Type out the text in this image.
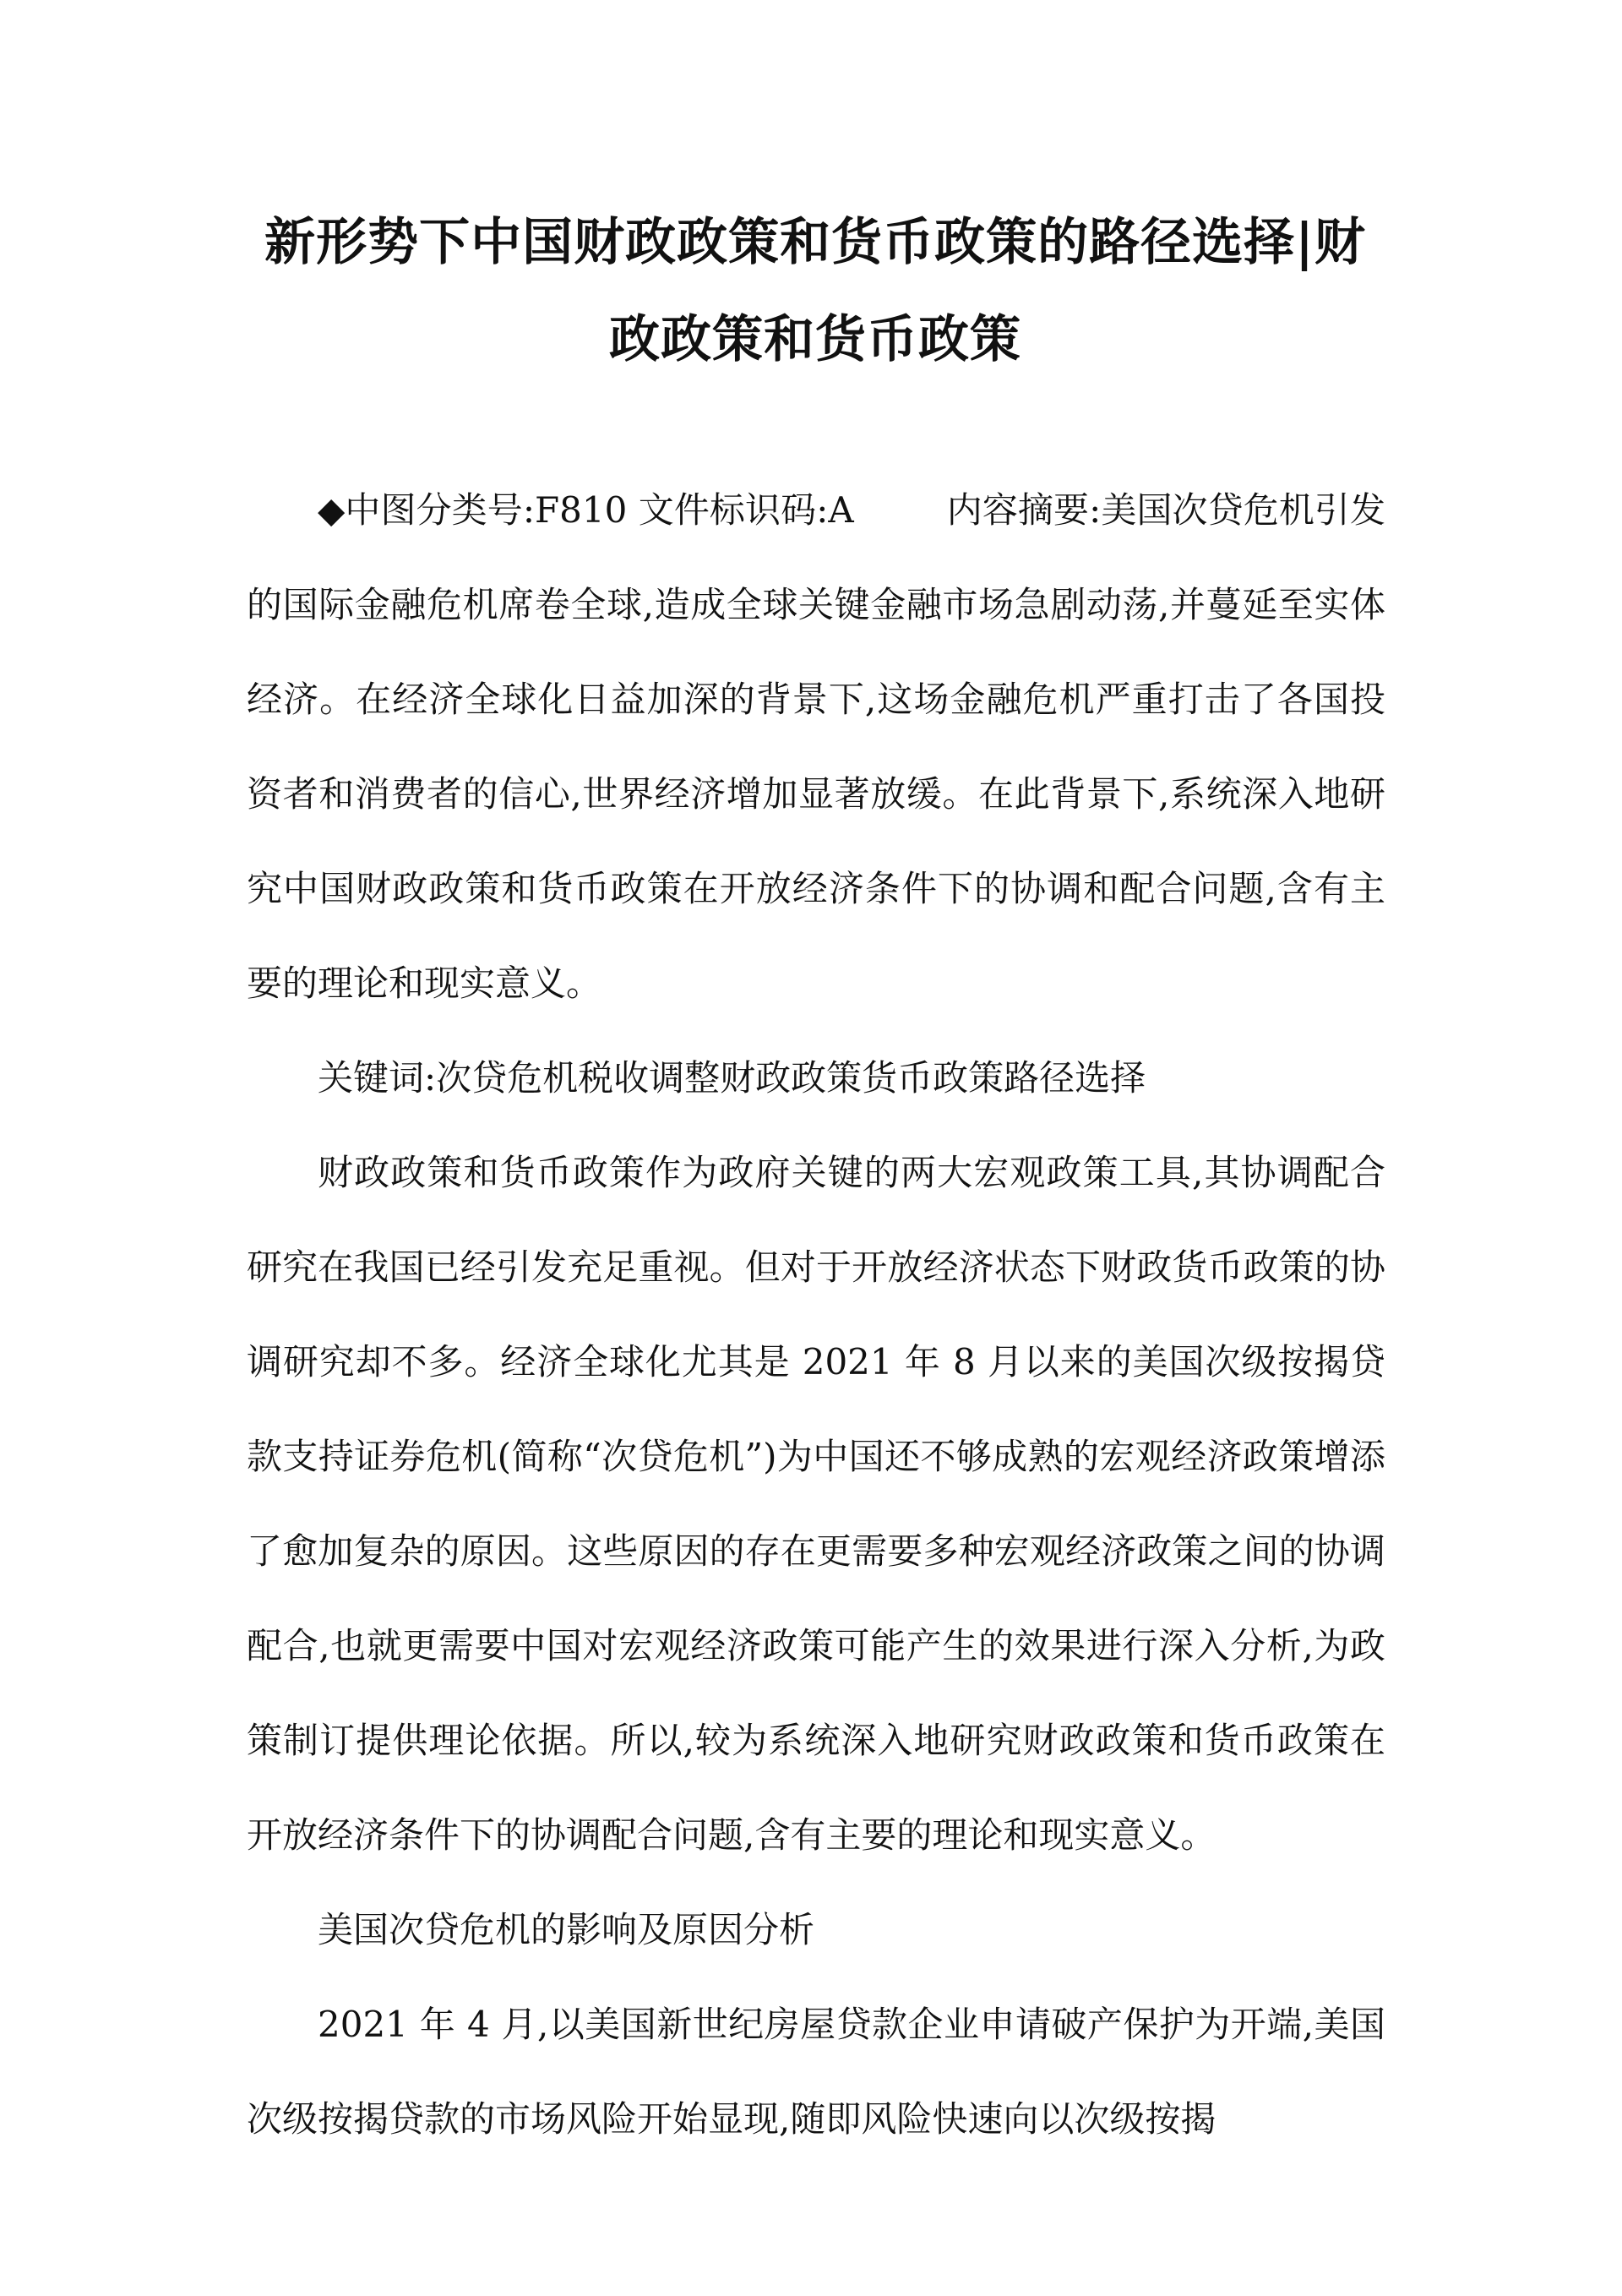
新形势下中国财政政策和货币政策的路径选择|财政政策和货币政策

◆中图分类号:F810 文件标识码:A	内容摘要:美国次贷危机引发的国际金融危机席卷全球,造成全球关键金融市场急剧动荡,并蔓延至实体经济。在经济全球化日益加深的背景下,这场金融危机严重打击了各国投资者和消费者的信心,世界经济增加显著放缓。在此背景下,系统深入地研究中国财政政策和货币政策在开放经济条件下的协调和配合问题,含有主要的理论和现实意义。

关键词:次贷危机税收调整财政政策货币政策路径选择

财政政策和货币政策作为政府关键的两大宏观政策工具,其协调配合研究在我国已经引发充足重视。但对于开放经济状态下财政货币政策的协调研究却不多。经济全球化尤其是 2021 年 8 月以来的美国次级按揭贷款支持证券危机(简称“次贷危机”)为中国还不够成熟的宏观经济政策增添了愈加复杂的原因。这些原因的存在更需要多种宏观经济政策之间的协调配合,也就更需要中国对宏观经济政策可能产生的效果进行深入分析,为政策制订提供理论依据。所以,较为系统深入地研究财政政策和货币政策在开放经济条件下的协调配合问题,含有主要的理论和现实意义。

美国次贷危机的影响及原因分析

2021 年 4 月,以美国新世纪房屋贷款企业申请破产保护为开端,美国次级按揭贷款的市场风险开始显现,随即风险快速向以次级按揭
